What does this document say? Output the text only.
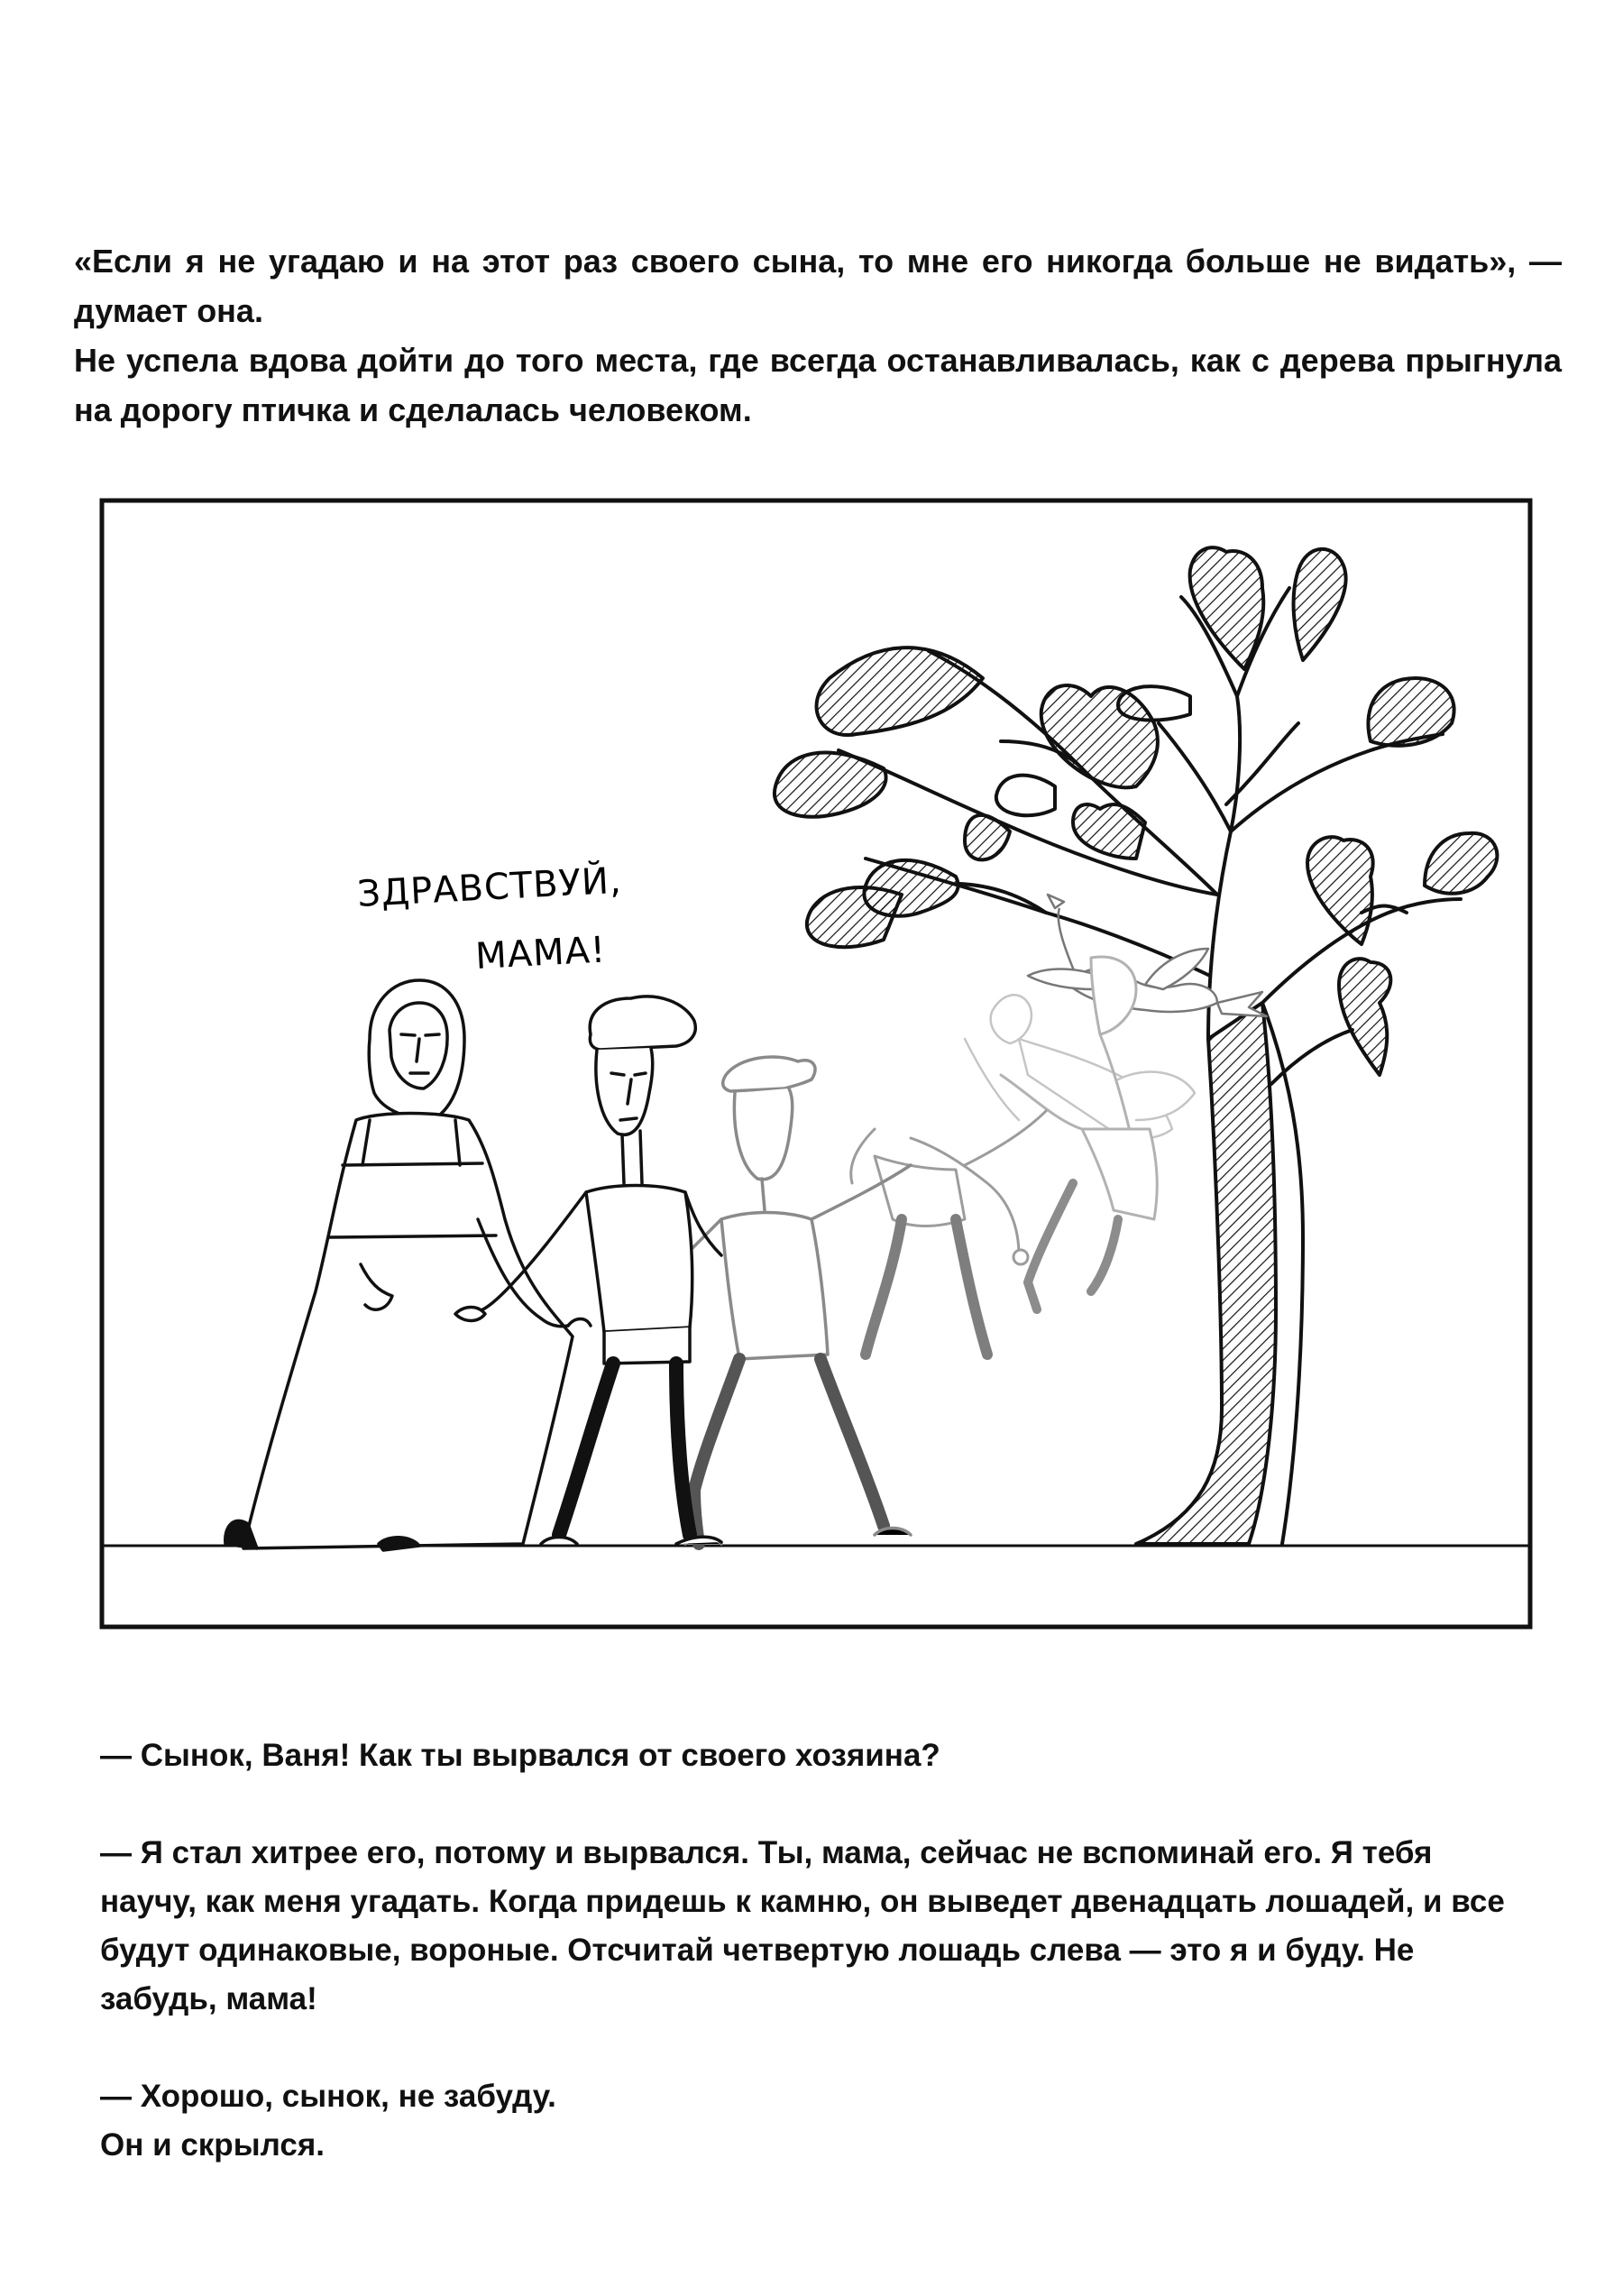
«Если я не угадаю и на этот раз своего сына, то мне его никогда больше не видать», — думает она.

Не успела вдова дойти до того места, где всегда останавливалась, как с дерева прыгнула на дорогу птичка и сделалась человеком.

ЗДРАВСТВУЙ,
МАМА!

— Сынок, Ваня! Как ты вырвался от своего хозяина?

— Я стал хитрее его, потому и вырвался. Ты, мама, сейчас не вспоминай его. Я тебя научу, как меня угадать. Когда придешь к камню, он выведет двенадцать лошадей, и все будут одинаковые, вороные. Отсчитай четвертую лошадь слева — это я и буду. Не забудь, мама!

— Хорошо, сынок, не забуду.

Он и скрылся.
